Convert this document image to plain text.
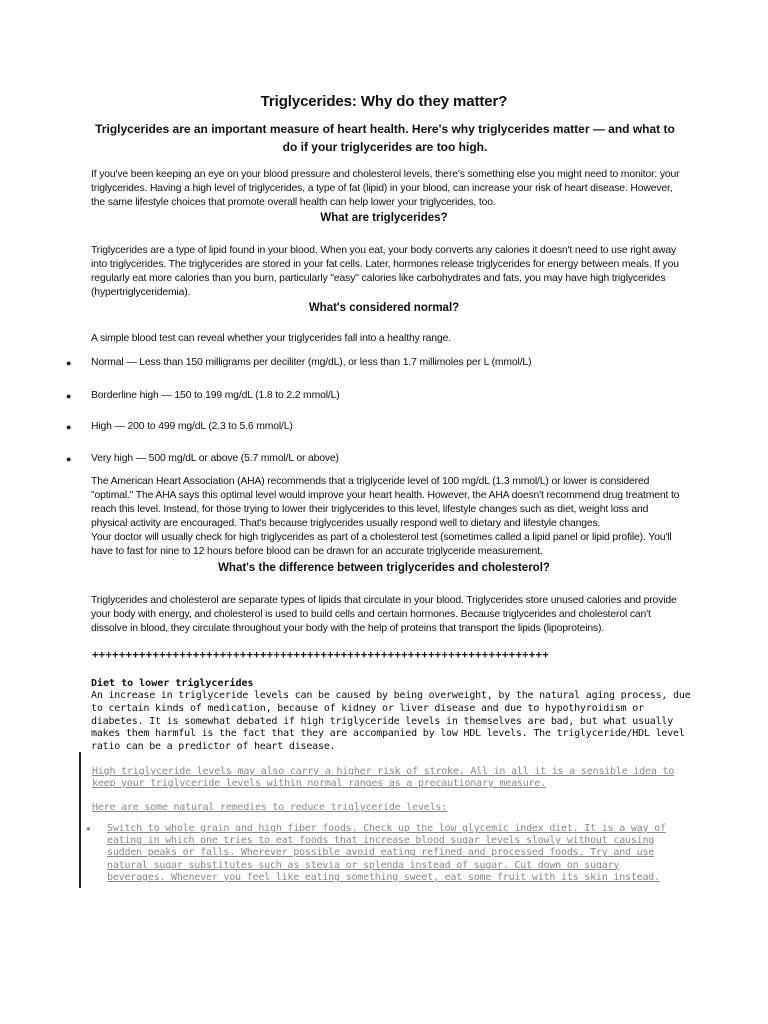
Triglycerides: Why do they matter?
Triglycerides are an important measure of heart health. Here's why triglycerides matter — and what to do if your triglycerides are too high.
If you've been keeping an eye on your blood pressure and cholesterol levels, there's something else you might need to monitor: your triglycerides. Having a high level of triglycerides, a type of fat (lipid) in your blood, can increase your risk of heart disease. However, the same lifestyle choices that promote overall health can help lower your triglycerides, too.
What are triglycerides?
Triglycerides are a type of lipid found in your blood. When you eat, your body converts any calories it doesn't need to use right away into triglycerides. The triglycerides are stored in your fat cells. Later, hormones release triglycerides for energy between meals. If you regularly eat more calories than you burn, particularly "easy" calories like carbohydrates and fats, you may have high triglycerides (hypertriglyceridemia).
What's considered normal?
A simple blood test can reveal whether your triglycerides fall into a healthy range.
● Normal — Less than 150 milligrams per deciliter (mg/dL), or less than 1.7 millimoles per L (mmol/L)
● Borderline high — 150 to 199 mg/dL (1.8 to 2.2 mmol/L)
● High — 200 to 499 mg/dL (2.3 to 5.6 mmol/L)
● Very high — 500 mg/dL or above (5.7 mmol/L or above)
The American Heart Association (AHA) recommends that a triglyceride level of 100 mg/dL (1.3 mmol/L) or lower is considered "optimal." The AHA says this optimal level would improve your heart health. However, the AHA doesn't recommend drug treatment to reach this level. Instead, for those trying to lower their triglycerides to this level, lifestyle changes such as diet, weight loss and physical activity are encouraged. That's because triglycerides usually respond well to dietary and lifestyle changes.
Your doctor will usually check for high triglycerides as part of a cholesterol test (sometimes called a lipid panel or lipid profile). You'll have to fast for nine to 12 hours before blood can be drawn for an accurate triglyceride measurement.
What's the difference between triglycerides and cholesterol?
Triglycerides and cholesterol are separate types of lipids that circulate in your blood. Triglycerides store unused calories and provide your body with energy, and cholesterol is used to build cells and certain hormones. Because triglycerides and cholesterol can't dissolve in blood, they circulate throughout your body with the help of proteins that transport the lipids (lipoproteins).
++++++++++++++++++++++++++++++++++++++++++++++++++++++++++++++++++++
Diet to lower triglycerides
An increase in triglyceride levels can be caused by being overweight, by the natural aging process, due to certain kinds of medication, because of kidney or liver disease and due to hypothyroidism or diabetes. It is somewhat debated if high triglyceride levels in themselves are bad, but what usually makes them harmful is the fact that they are accompanied by low HDL levels. The triglyceride/HDL level ratio can be a predictor of heart disease.
High triglyceride levels may also carry a higher risk of stroke. All in all it is a sensible idea to keep your triglyceride levels within normal ranges as a precautionary measure.
Here are some natural remedies to reduce triglyceride levels:
● Switch to whole grain and high fiber foods. Check up the low glycemic index diet. It is a way of eating in which one tries to eat foods that increase blood sugar levels slowly without causing sudden peaks or falls. Wherever possible avoid eating refined and processed foods. Try and use natural sugar substitutes such as stevia or splenda instead of sugar. Cut down on sugary beverages. Whenever you feel like eating something sweet, eat some fruit with its skin instead.
